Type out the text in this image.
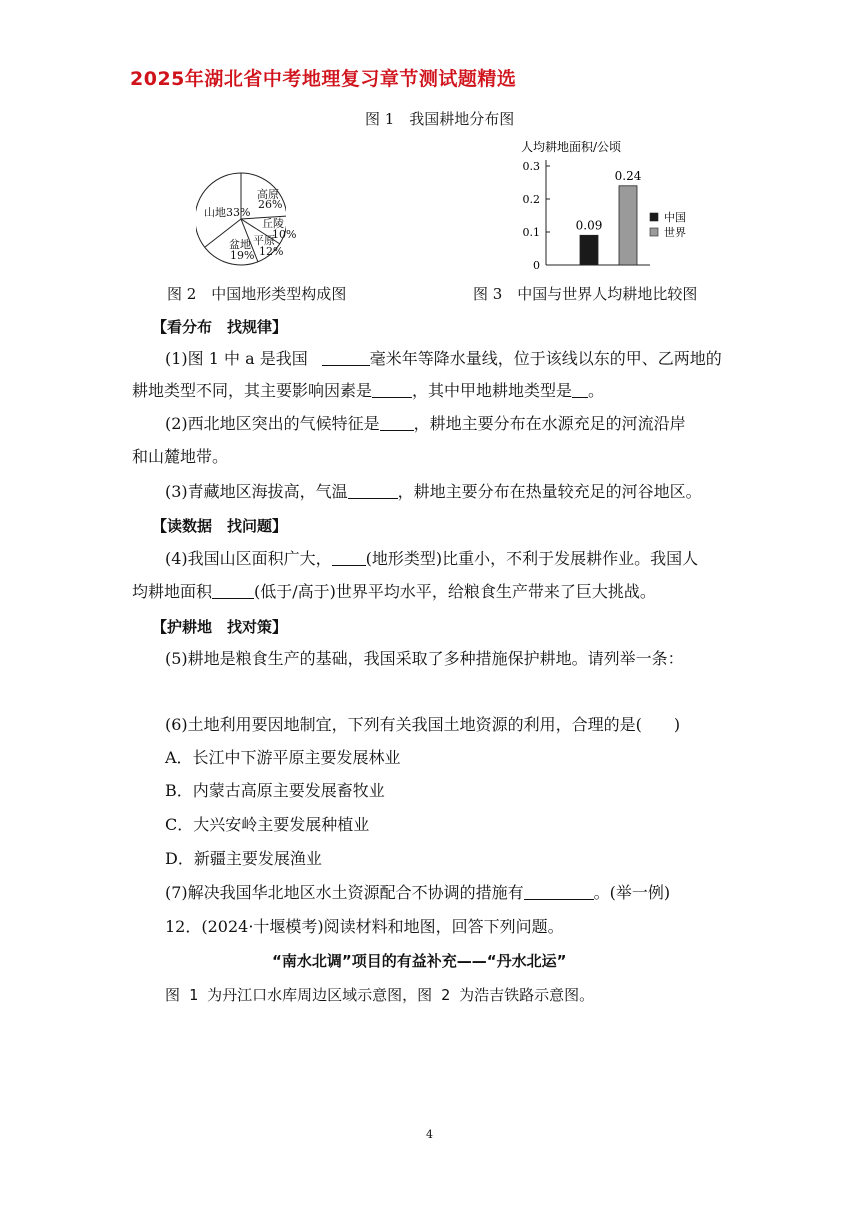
2025年湖北省中考地理复习章节测试题精选
图 1　我国耕地分布图
山地33%
高原
26%
丘陵
10%
平原
12%
盆地
19%
图 2　中国地形类型构成图
人均耕地面积/公顷
0.3
0.2
0.1
0
0.09
0.24
中国
世界
图 3　中国与世界人均耕地比较图
【看分布　找规律】
(1)图 1 中 a 是我国	毫米年等降水量线，位于该线以东的甲、乙两地的
耕地类型不同，其主要影响因素是	，其中甲地耕地类型是 。
(2)西北地区突出的气候特征是 ，耕地主要分布在水源充足的河流沿岸
和山麓地带。
(3)青藏地区海拔高，气温	，耕地主要分布在热量较充足的河谷地区。
【读数据　找问题】
(4)我国山区面积广大， (地形类型)比重小，不利于发展耕作业。我国人
均耕地面积	(低于/高于)世界平均水平，给粮食生产带来了巨大挑战。
【护耕地　找对策】
(5)耕地是粮食生产的基础，我国采取了多种措施保护耕地。请列举一条：
(6)土地利用要因地制宜，下列有关我国土地资源的利用，合理的是(　　)
A．长江中下游平原主要发展林业
B．内蒙古高原主要发展畜牧业
C．大兴安岭主要发展种植业
D．新疆主要发展渔业
(7)解决我国华北地区水土资源配合不协调的措施有	。(举一例)
12．(2024·十堰模考)阅读材料和地图，回答下列问题。
“南水北调”项目的有益补充——“丹水北运”
图 1 为丹江口水库周边区域示意图，图 2 为浩吉铁路示意图。
4
